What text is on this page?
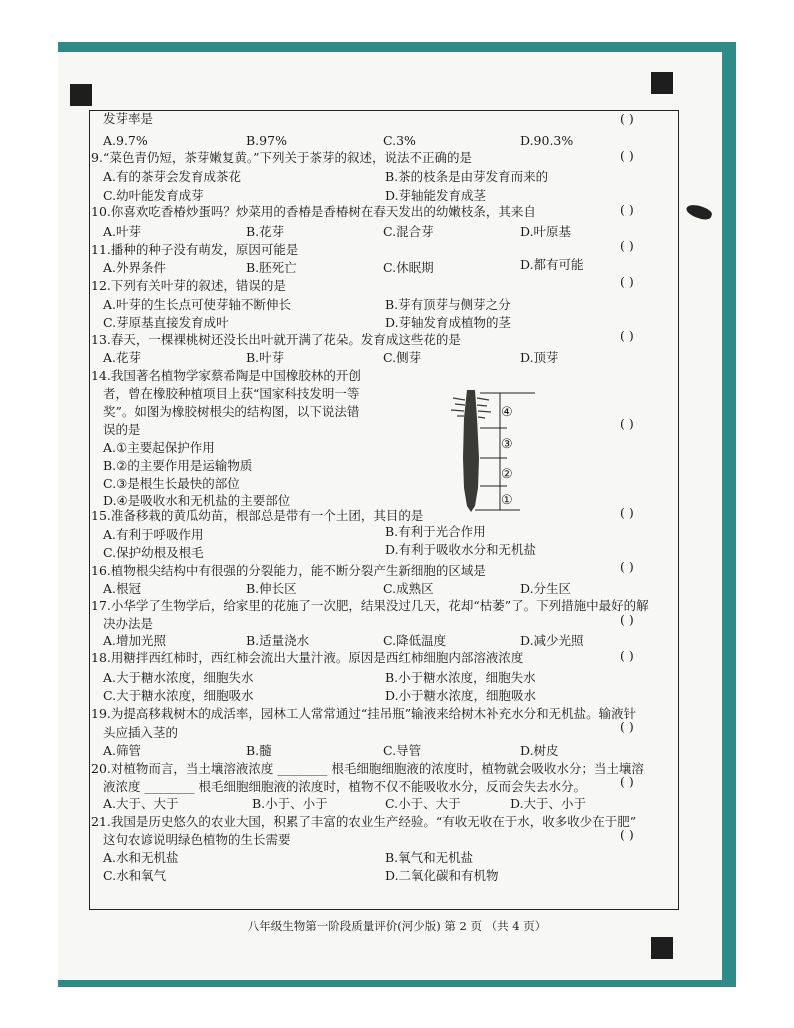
发芽率是
A.9.7%	B.97%	C.3%	D.90.3%
9.“菜色青仍短，茶芽嫩复黄。”下列关于茶芽的叙述，说法不正确的是
A.有的茶芽会发育成茶花	B.茶的枝条是由芽发育而来的
C.幼叶能发育成芽	D.芽轴能发育成茎
10.你喜欢吃香椿炒蛋吗？炒菜用的香椿是香椿树在春天发出的幼嫩枝条，其来自
A.叶芽	B.花芽	C.混合芽	D.叶原基
11.播种的种子没有萌发，原因可能是
A.外界条件	B.胚死亡	C.休眠期	D.都有可能
12.下列有关叶芽的叙述，错误的是
A.叶芽的生长点可使芽轴不断伸长	B.芽有顶芽与侧芽之分
C.芽原基直接发育成叶	D.芽轴发育成植物的茎
13.春天，一棵裸桃树还没长出叶就开满了花朵。发育成这些花的是
A.花芽	B.叶芽	C.侧芽	D.顶芽
14.我国著名植物学家蔡希陶是中国橡胶林的开创
者，曾在橡胶种植项目上获“国家科技发明一等
奖”。如图为橡胶树根尖的结构图，以下说法错
误的是
A.①主要起保护作用
B.②的主要作用是运输物质
C.③是根生长最快的部位
D.④是吸收水和无机盐的主要部位
15.准备移栽的黄瓜幼苗，根部总是带有一个土团，其目的是
A.有利于呼吸作用	B.有利于光合作用
C.保护幼根及根毛	D.有利于吸收水分和无机盐
16.植物根尖结构中有很强的分裂能力，能不断分裂产生新细胞的区域是
A.根冠	B.伸长区	C.成熟区	D.分生区
17.小华学了生物学后，给家里的花施了一次肥，结果没过几天，花却“枯萎”了。下列措施中最好的解
决办法是
A.增加光照	B.适量浇水	C.降低温度	D.减少光照
18.用糖拌西红柿时，西红柿会流出大量汁液。原因是西红柿细胞内部溶液浓度
A.大于糖水浓度，细胞失水	B.小于糖水浓度，细胞失水
C.大于糖水浓度，细胞吸水	D.小于糖水浓度，细胞吸水
19.为提高移栽树木的成活率，园林工人常常通过“挂吊瓶”输液来给树木补充水分和无机盐。输液针
头应插入茎的
A.筛管	B.髓	C.导管	D.树皮
20.对植物而言，当土壤溶液浓度 ________ 根毛细胞细胞液的浓度时，植物就会吸收水分；当土壤溶
液浓度 ________ 根毛细胞细胞液的浓度时，植物不仅不能吸收水分，反而会失去水分。
A.大于、大于	B.小于、小于	C.小于、大于	D.大于、小于
21.我国是历史悠久的农业大国，积累了丰富的农业生产经验。“有收无收在于水，收多收少在于肥”
这句农谚说明绿色植物的生长需要
A.水和无机盐	B.氧气和无机盐
C.水和氧气	D.二氧化碳和有机物
( )
( )
( )
( )
( )
( )
( )
( )
( )
( )
( )
( )
( )
( )
④
③
②
①
八年级生物第一阶段质量评价(河少版) 第 2 页 （共 4 页）
